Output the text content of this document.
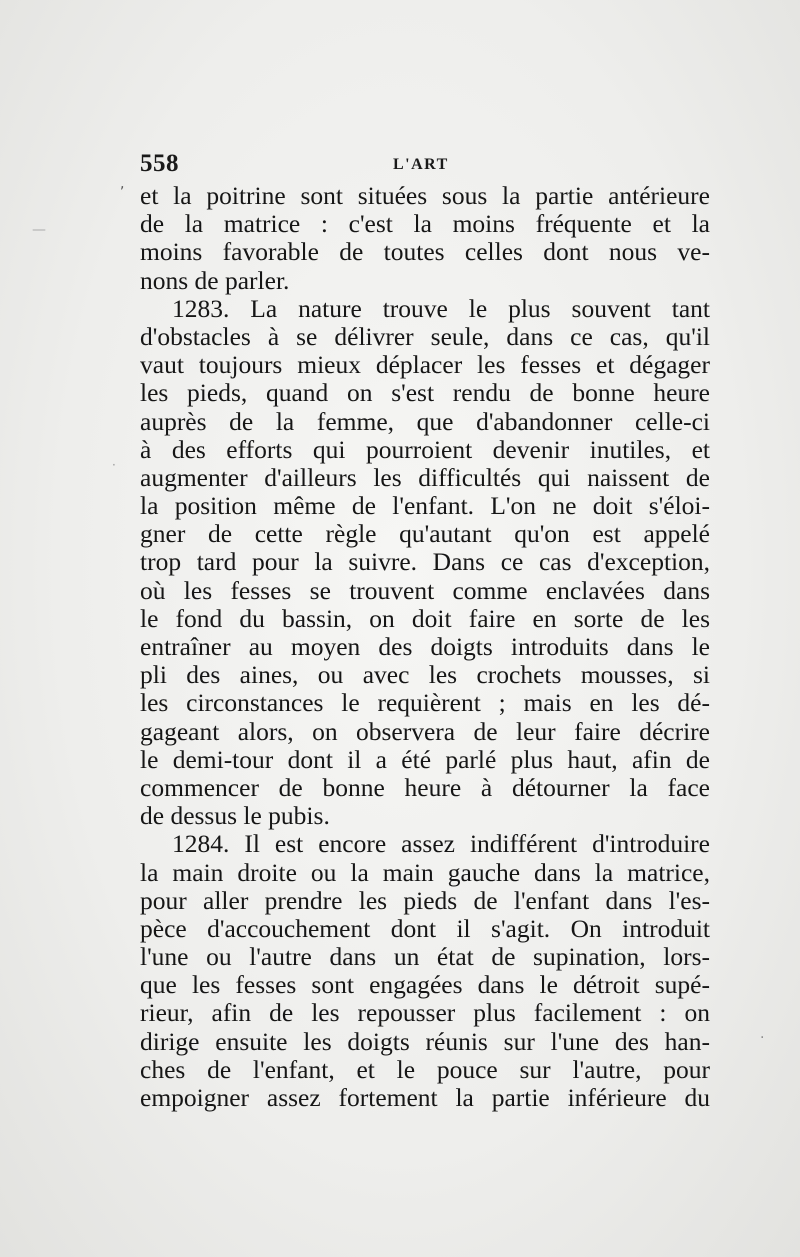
,
—
·
·
558	L'ART
et la poitrine sont situées sous la partie antérieure
de la matrice : c'est la moins fréquente et la
moins favorable de toutes celles dont nous ve-
nons de parler.
1283. La nature trouve le plus souvent tant
d'obstacles à se délivrer seule, dans ce cas, qu'il
vaut toujours mieux déplacer les fesses et dégager
les pieds, quand on s'est rendu de bonne heure
auprès de la femme, que d'abandonner celle-ci
à des efforts qui pourroient devenir inutiles, et
augmenter d'ailleurs les difficultés qui naissent de
la position même de l'enfant. L'on ne doit s'éloi-
gner de cette règle qu'autant qu'on est appelé
trop tard pour la suivre. Dans ce cas d'exception,
où les fesses se trouvent comme enclavées dans
le fond du bassin, on doit faire en sorte de les
entraîner au moyen des doigts introduits dans le
pli des aines, ou avec les crochets mousses, si
les circonstances le requièrent ; mais en les dé-
gageant alors, on observera de leur faire décrire
le demi-tour dont il a été parlé plus haut, afin de
commencer de bonne heure à détourner la face
de dessus le pubis.
1284. Il est encore assez indifférent d'introduire
la main droite ou la main gauche dans la matrice,
pour aller prendre les pieds de l'enfant dans l'es-
pèce d'accouchement dont il s'agit. On introduit
l'une ou l'autre dans un état de supination, lors-
que les fesses sont engagées dans le détroit supé-
rieur, afin de les repousser plus facilement : on
dirige ensuite les doigts réunis sur l'une des han-
ches de l'enfant, et le pouce sur l'autre, pour
empoigner assez fortement la partie inférieure du
